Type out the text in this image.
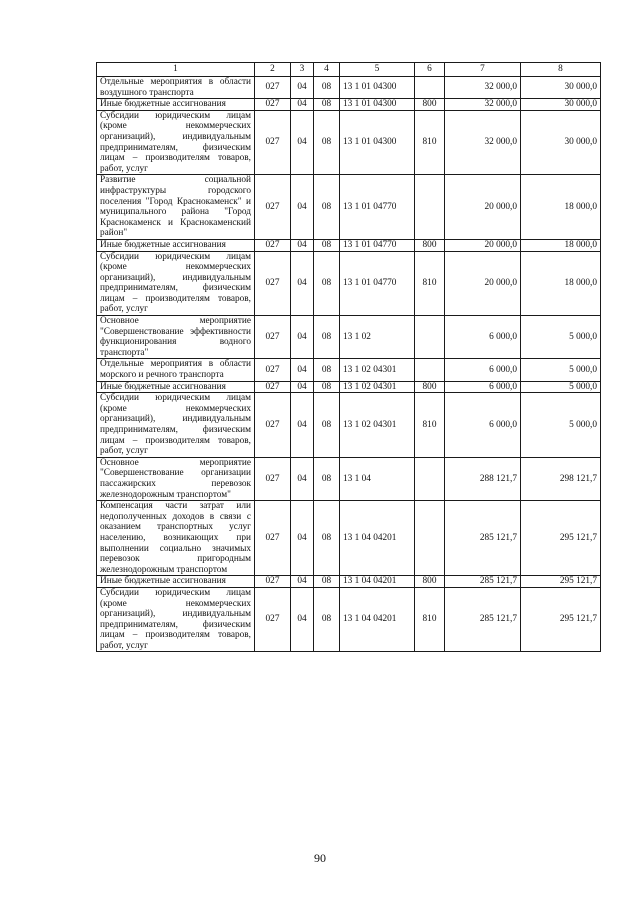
1	2	3	4	5	6	7	8
Отдельные мероприятия в области воздушного транспорта	027	04	08	13 1 01 04300		32 000,0	30 000,0
Иные бюджетные ассигнования	027	04	08	13 1 01 04300	800	32 000,0	30 000,0
Субсидии юридическим лицам (кроме некоммерческих организаций), индивидуальным предпринимателям, физическим лицам – производителям товаров, работ, услуг	027	04	08	13 1 01 04300	810	32 000,0	30 000,0
Развитие социальной инфраструктуры городского поселения "Город Краснокаменск" и муниципального района "Город Краснокаменск и Краснокаменский район"	027	04	08	13 1 01 04770		20 000,0	18 000,0
Иные бюджетные ассигнования	027	04	08	13 1 01 04770	800	20 000,0	18 000,0
Субсидии юридическим лицам (кроме некоммерческих организаций), индивидуальным предпринимателям, физическим лицам – производителям товаров, работ, услуг	027	04	08	13 1 01 04770	810	20 000,0	18 000,0
Основное мероприятие "Совершенствование эффективности функционирования водного транспорта"	027	04	08	13 1 02		6 000,0	5 000,0
Отдельные мероприятия в области морского и речного транспорта	027	04	08	13 1 02 04301		6 000,0	5 000,0
Иные бюджетные ассигнования	027	04	08	13 1 02 04301	800	6 000,0	5 000,0
Субсидии юридическим лицам (кроме некоммерческих организаций), индивидуальным предпринимателям, физическим лицам – производителям товаров, работ, услуг	027	04	08	13 1 02 04301	810	6 000,0	5 000,0
Основное мероприятие "Совершенствование организации пассажирских перевозок железнодорожным транспортом"	027	04	08	13 1 04		288 121,7	298 121,7
Компенсация части затрат или недополученных доходов в связи с оказанием транспортных услуг населению, возникающих при выполнении социально значимых перевозок пригородным железнодорожным транспортом	027	04	08	13 1 04 04201		285 121,7	295 121,7
Иные бюджетные ассигнования	027	04	08	13 1 04 04201	800	285 121,7	295 121,7
Субсидии юридическим лицам (кроме некоммерческих организаций), индивидуальным предпринимателям, физическим лицам – производителям товаров, работ, услуг	027	04	08	13 1 04 04201	810	285 121,7	295 121,7
90
